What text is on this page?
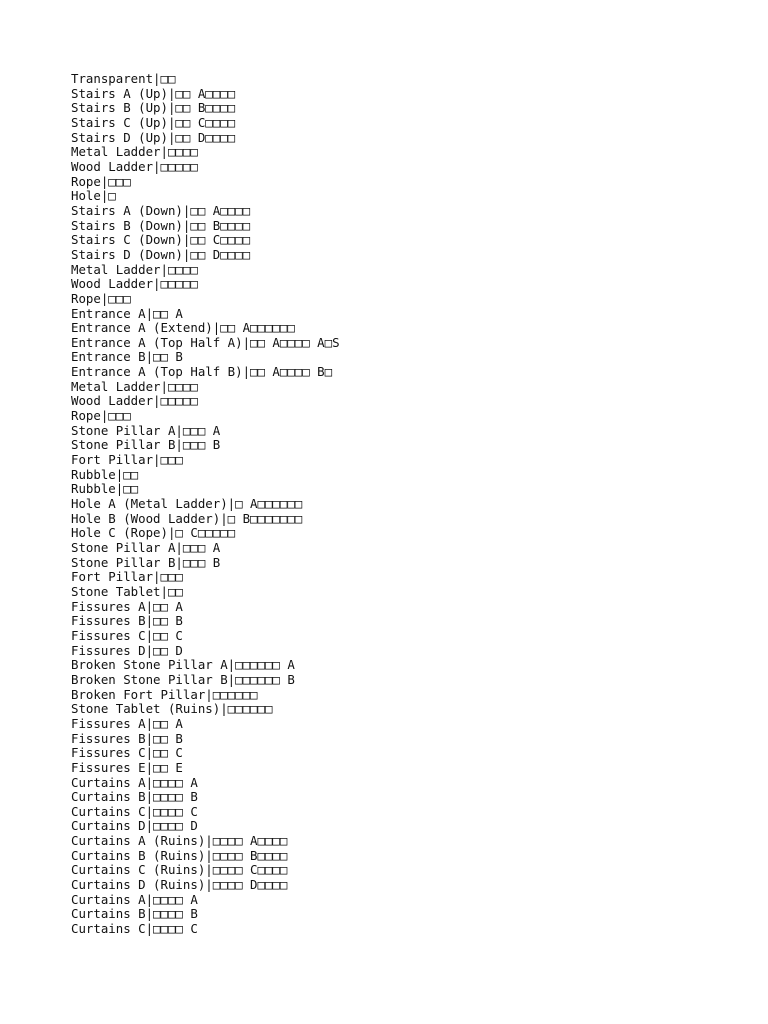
Transparent|□□
Stairs A (Up)|□□ A□□□□
Stairs B (Up)|□□ B□□□□
Stairs C (Up)|□□ C□□□□
Stairs D (Up)|□□ D□□□□
Metal Ladder|□□□□
Wood Ladder|□□□□□
Rope|□□□
Hole|□
Stairs A (Down)|□□ A□□□□
Stairs B (Down)|□□ B□□□□
Stairs C (Down)|□□ C□□□□
Stairs D (Down)|□□ D□□□□
Metal Ladder|□□□□
Wood Ladder|□□□□□
Rope|□□□
Entrance A|□□ A
Entrance A (Extend)|□□ A□□□□□□
Entrance A (Top Half A)|□□ A□□□□ A□S
Entrance B|□□ B
Entrance A (Top Half B)|□□ A□□□□ B□
Metal Ladder|□□□□
Wood Ladder|□□□□□
Rope|□□□
Stone Pillar A|□□□ A
Stone Pillar B|□□□ B
Fort Pillar|□□□
Rubble|□□
Rubble|□□
Hole A (Metal Ladder)|□ A□□□□□□
Hole B (Wood Ladder)|□ B□□□□□□□
Hole C (Rope)|□ C□□□□□
Stone Pillar A|□□□ A
Stone Pillar B|□□□ B
Fort Pillar|□□□
Stone Tablet|□□
Fissures A|□□ A
Fissures B|□□ B
Fissures C|□□ C
Fissures D|□□ D
Broken Stone Pillar A|□□□□□□ A
Broken Stone Pillar B|□□□□□□ B
Broken Fort Pillar|□□□□□□
Stone Tablet (Ruins)|□□□□□□
Fissures A|□□ A
Fissures B|□□ B
Fissures C|□□ C
Fissures E|□□ E
Curtains A|□□□□ A
Curtains B|□□□□ B
Curtains C|□□□□ C
Curtains D|□□□□ D
Curtains A (Ruins)|□□□□ A□□□□
Curtains B (Ruins)|□□□□ B□□□□
Curtains C (Ruins)|□□□□ C□□□□
Curtains D (Ruins)|□□□□ D□□□□
Curtains A|□□□□ A
Curtains B|□□□□ B
Curtains C|□□□□ C
